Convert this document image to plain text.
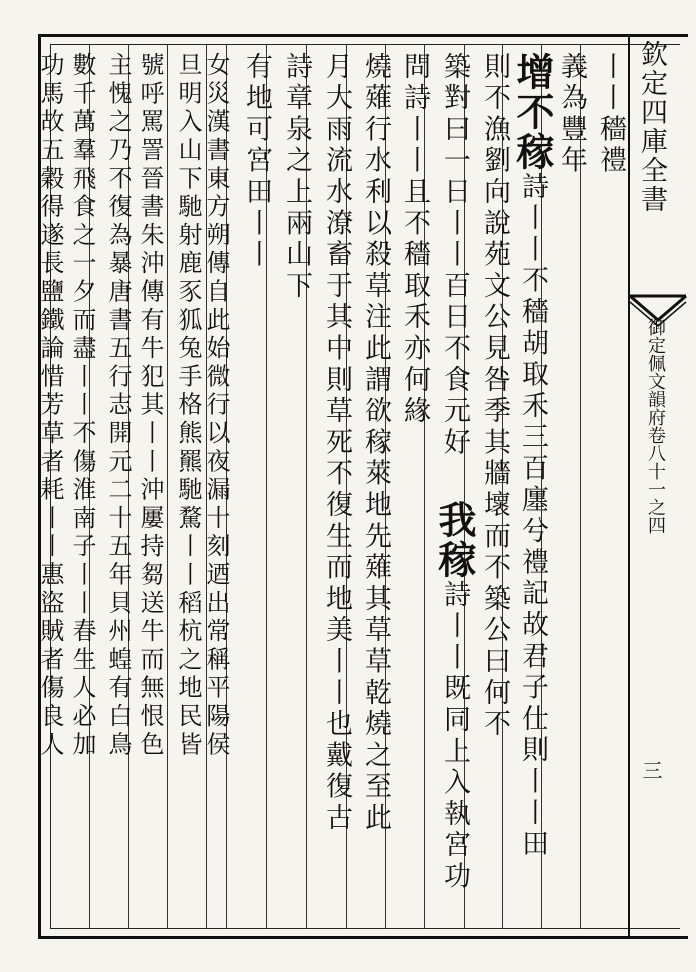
欽定四庫全書
御定佩文韻府卷八十一之四
三
丨丨穡禮
義為豐年
增不稼詩丨丨不穡胡取禾三百廛兮禮記故君子仕則丨丨田
則不漁劉向說苑文公見咎季其牆壞而不築公曰何不
築對曰一日丨丨百日不食元好
問詩丨丨且不穡取禾亦何緣
燒薙行水利以殺草注此謂欲稼萊地先薙其草草乾燒之至此
月大雨流水潦畜于其中則草死不復生而地美丨丨也戴復古
詩章泉之上兩山下
有地可宮田丨丨
女災漢書東方朔傳自此始微行以夜漏十刻迺出常稱平陽侯
旦明入山下馳射鹿豕狐兔手格熊羆馳騖丨丨稻杭之地民皆
號呼罵詈晉書朱沖傳有牛犯其丨丨沖屢持芻送牛而無恨色
主愧之乃不復為暴唐書五行志開元二十五年貝州蝗有白鳥
數千萬羣飛食之一夕而盡丨丨不傷淮南子丨丨春生人必加
功馬故五穀得遂長鹽鐵論惜芳草者耗丨丨惠盜賊者傷良人	我稼詩丨丨既同上入執宮功
